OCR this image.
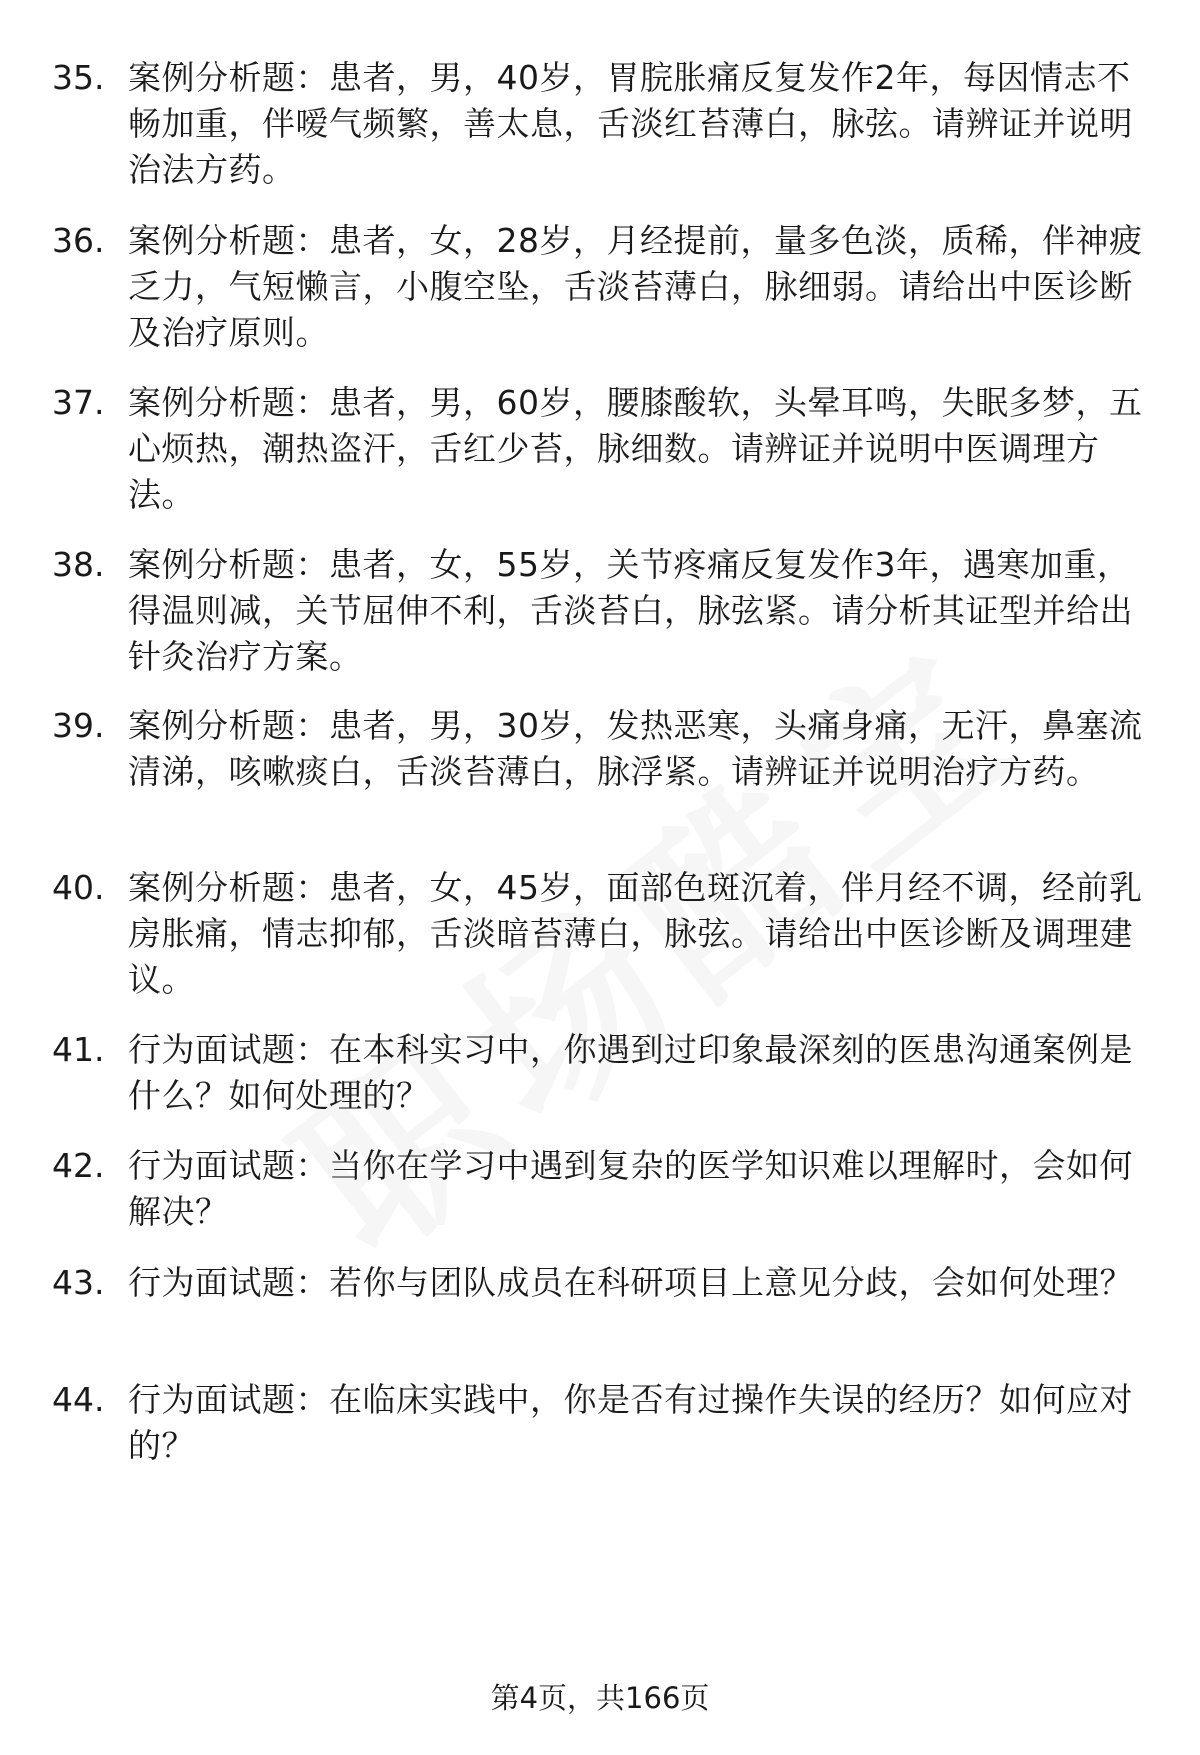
35. 案例分析题：患者，男，40岁，胃脘胀痛反复发作2年，每因情志不畅加重，伴嗳气频繁，善太息，舌淡红苔薄白，脉弦。请辨证并说明治法方药。
36. 案例分析题：患者，女，28岁，月经提前，量多色淡，质稀，伴神疲乏力，气短懒言，小腹空坠，舌淡苔薄白，脉细弱。请给出中医诊断及治疗原则。
37. 案例分析题：患者，男，60岁，腰膝酸软，头晕耳鸣，失眠多梦，五心烦热，潮热盗汗，舌红少苔，脉细数。请辨证并说明中医调理方法。
38. 案例分析题：患者，女，55岁，关节疼痛反复发作3年，遇寒加重，得温则减，关节屈伸不利，舌淡苔白，脉弦紧。请分析其证型并给出针灸治疗方案。
39. 案例分析题：患者，男，30岁，发热恶寒，头痛身痛，无汗，鼻塞流清涕，咳嗽痰白，舌淡苔薄白，脉浮紧。请辨证并说明治疗方药。
40. 案例分析题：患者，女，45岁，面部色斑沉着，伴月经不调，经前乳房胀痛，情志抑郁，舌淡暗苔薄白，脉弦。请给出中医诊断及调理建议。
41. 行为面试题：在本科实习中，你遇到过印象最深刻的医患沟通案例是什么？如何处理的？
42. 行为面试题：当你在学习中遇到复杂的医学知识难以理解时，会如何解决？
43. 行为面试题：若你与团队成员在科研项目上意见分歧，会如何处理？
44. 行为面试题：在临床实践中，你是否有过操作失误的经历？如何应对的？
第4页，共166页
